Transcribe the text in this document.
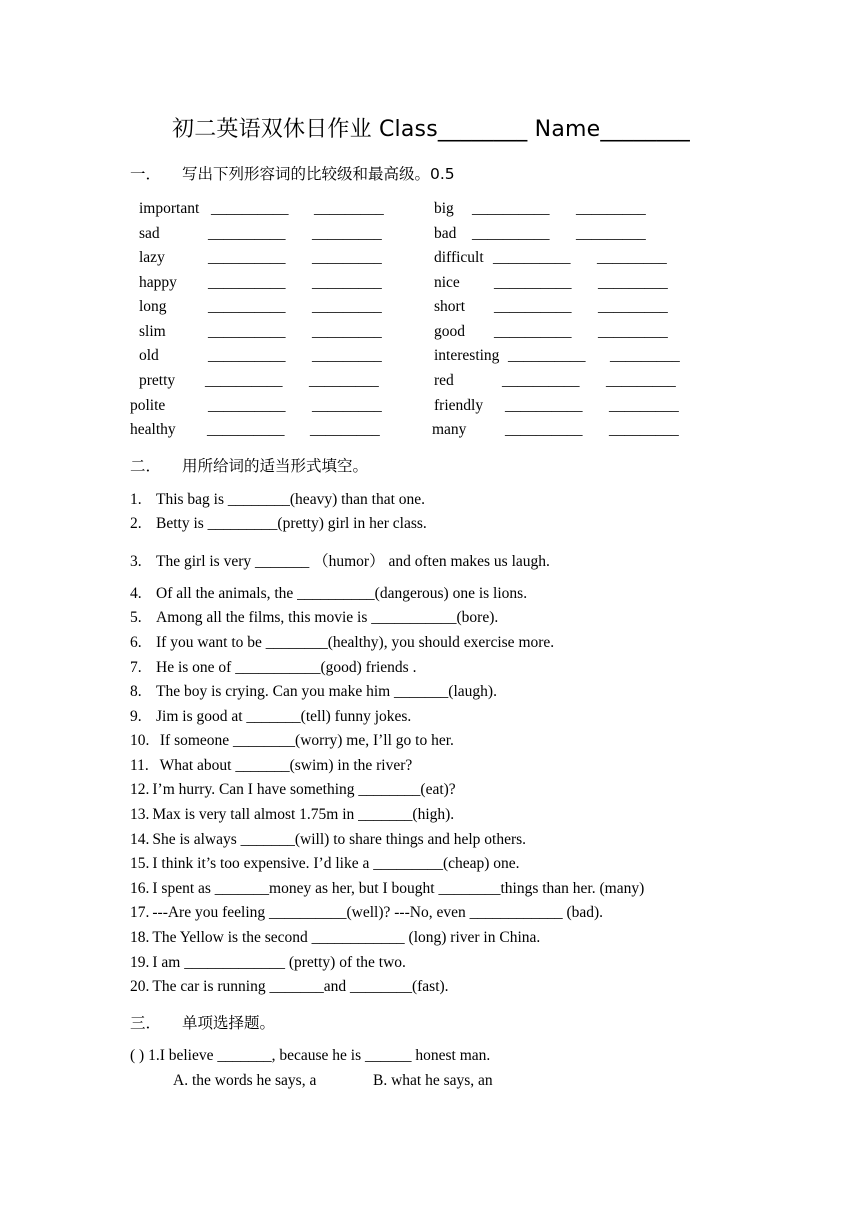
初二英语双休日作业 Class________ Name________
一． 写出下列形容词的比较级和最高级。0.5
important __________ _________	big __________ _________
sad	__________ _________	bad __________ _________
lazy	__________ _________	difficult __________ _________
happy __________ _________	nice __________ _________
long	__________ _________	short __________ _________
slim	__________ _________	good __________ _________
old	__________ _________	interesting __________ _________
pretty __________ _________	red	__________ _________
polite	__________ _________	friendly __________ _________
healthy __________ _________	many __________ _________
二． 用所给词的适当形式填空。
1. This bag is ________(heavy) than that one.
2. Betty is _________(pretty) girl in her class.
3. The girl is very _______ （humor） and often makes us laugh.
4. Of all the animals, the __________(dangerous) one is lions.
5. Among all the films, this movie is ___________(bore).
6. If you want to be ________(healthy), you should exercise more.
7. He is one of ___________(good) friends .
8. The boy is crying. Can you make him _______(laugh).
9. Jim is good at _______(tell) funny jokes.
10. If someone ________(worry) me, I’ll go to her.
11. What about _______(swim) in the river?
12. I’m hurry. Can I have something ________(eat)?
13. Max is very tall almost 1.75m in _______(high).
14. She is always _______(will) to share things and help others.
15. I think it’s too expensive. I’d like a _________(cheap) one.
16. I spent as _______money as her, but I bought ________things than her. (many)
17. ---Are you feeling __________(well)? ---No, even ____________ (bad).
18. The Yellow is the second ____________ (long) river in China.
19. I am _____________ (pretty) of the two.
20. The car is running _______and ________(fast).
三． 单项选择题。
( ) 1.I believe _______, because he is ______ honest man.
A. the words he says, a	B. what he says, an
